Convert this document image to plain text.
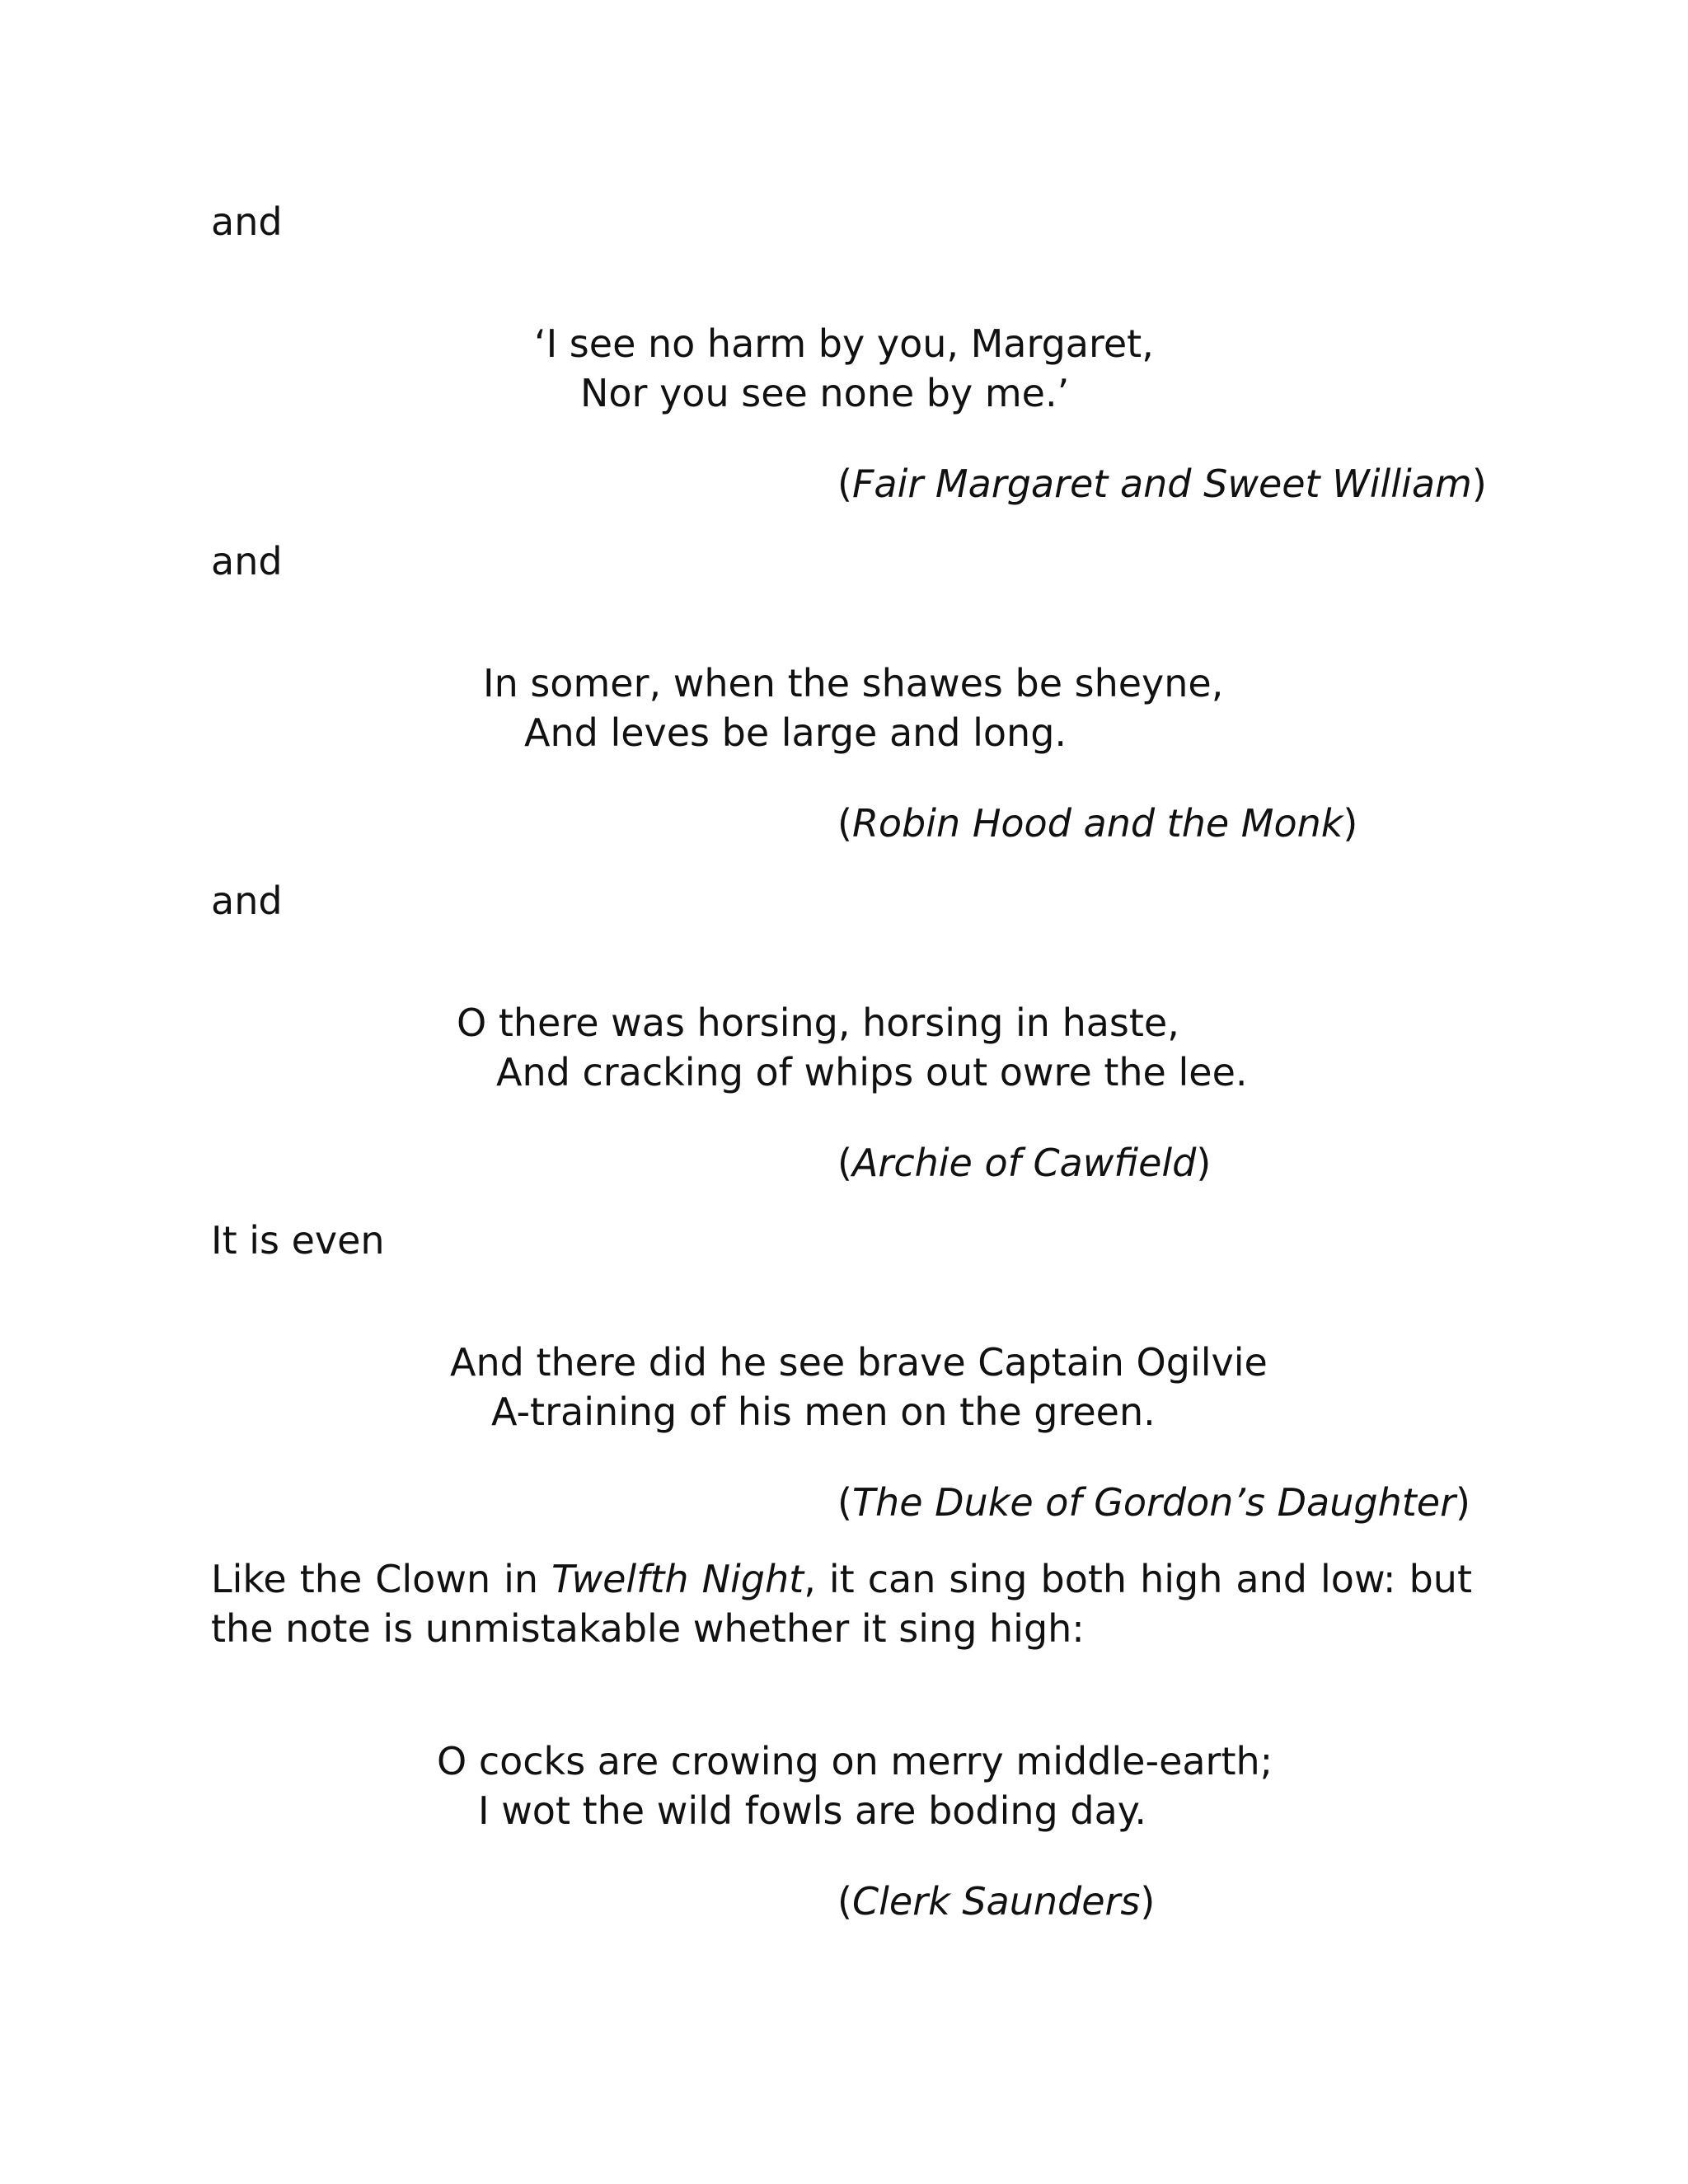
and
‘I see no harm by you, Margaret,
Nor you see none by me.’
(Fair Margaret and Sweet William)
and
In somer, when the shawes be sheyne,
And leves be large and long.
(Robin Hood and the Monk)
and
O there was horsing, horsing in haste,
And cracking of whips out owre the lee.
(Archie of Cawfield)
It is even
And there did he see brave Captain Ogilvie
A-training of his men on the green.
(The Duke of Gordon’s Daughter)
Like the Clown in Twelfth Night, it can sing both high and low: but the note is unmistakable whether it sing high:
O cocks are crowing on merry middle-earth;
I wot the wild fowls are boding day.
(Clerk Saunders)
